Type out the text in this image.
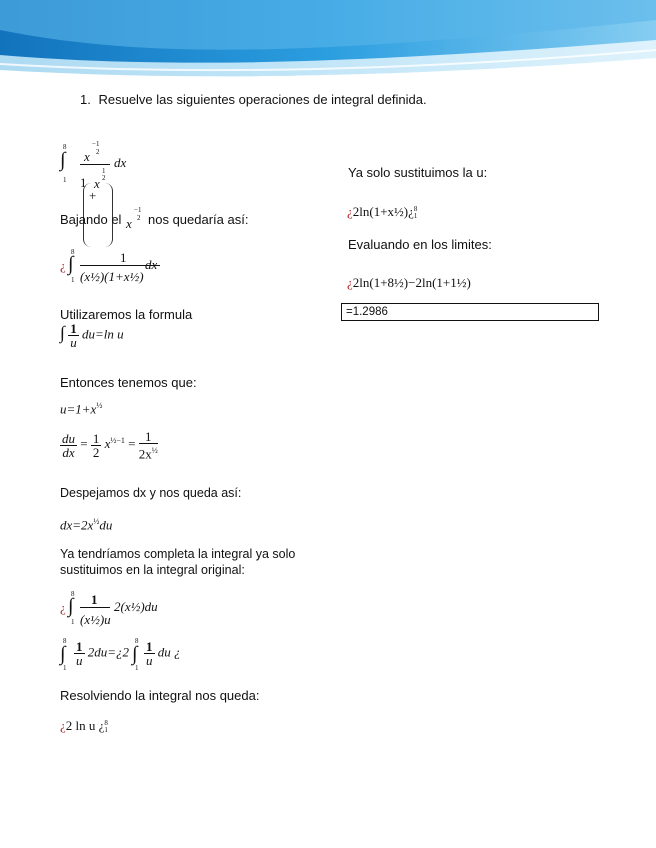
1. Resuelve las siguientes operaciones de integral definida.
8
∫
1
x
−1
2
1 x
1
2
dx
+
Bajando el x
−1
2 nos quedaría así:
¿
8
∫
1
1
(x½)(1+x½)
dx
Utilizaremos la formula
∫ $\frac{1}{u} du=\ln$ u
Entonces tenemos que:
$u=1+x^{\frac{1}{2}}$
$\frac{du}{dx} = \frac{1}{2} x^{\frac{1}{2}-1} = \frac{1}{2x^{\frac{1}{2}}}$
Despejamos dx y nos queda así:
$dx=2x^{\frac{1}{2}}du$
Ya tendríamos completa la integral ya solo
sustituimos en la integral original:
¿
8
∫
1
1
(x½)u
2(x½)du
8
∫
1
$\frac{1}{u}$ 2du=¿2
8
∫
1
$\frac{1}{u}$ du ¿
Resolviendo la integral nos queda:
¿2 ln u ¿ 8
1
Ya solo sustituimos la u:
¿2ln(1+x½)¿ 8
1
Evaluando en los limites:
¿2ln(1+8½)−2ln(1+1½)
=1.2986
